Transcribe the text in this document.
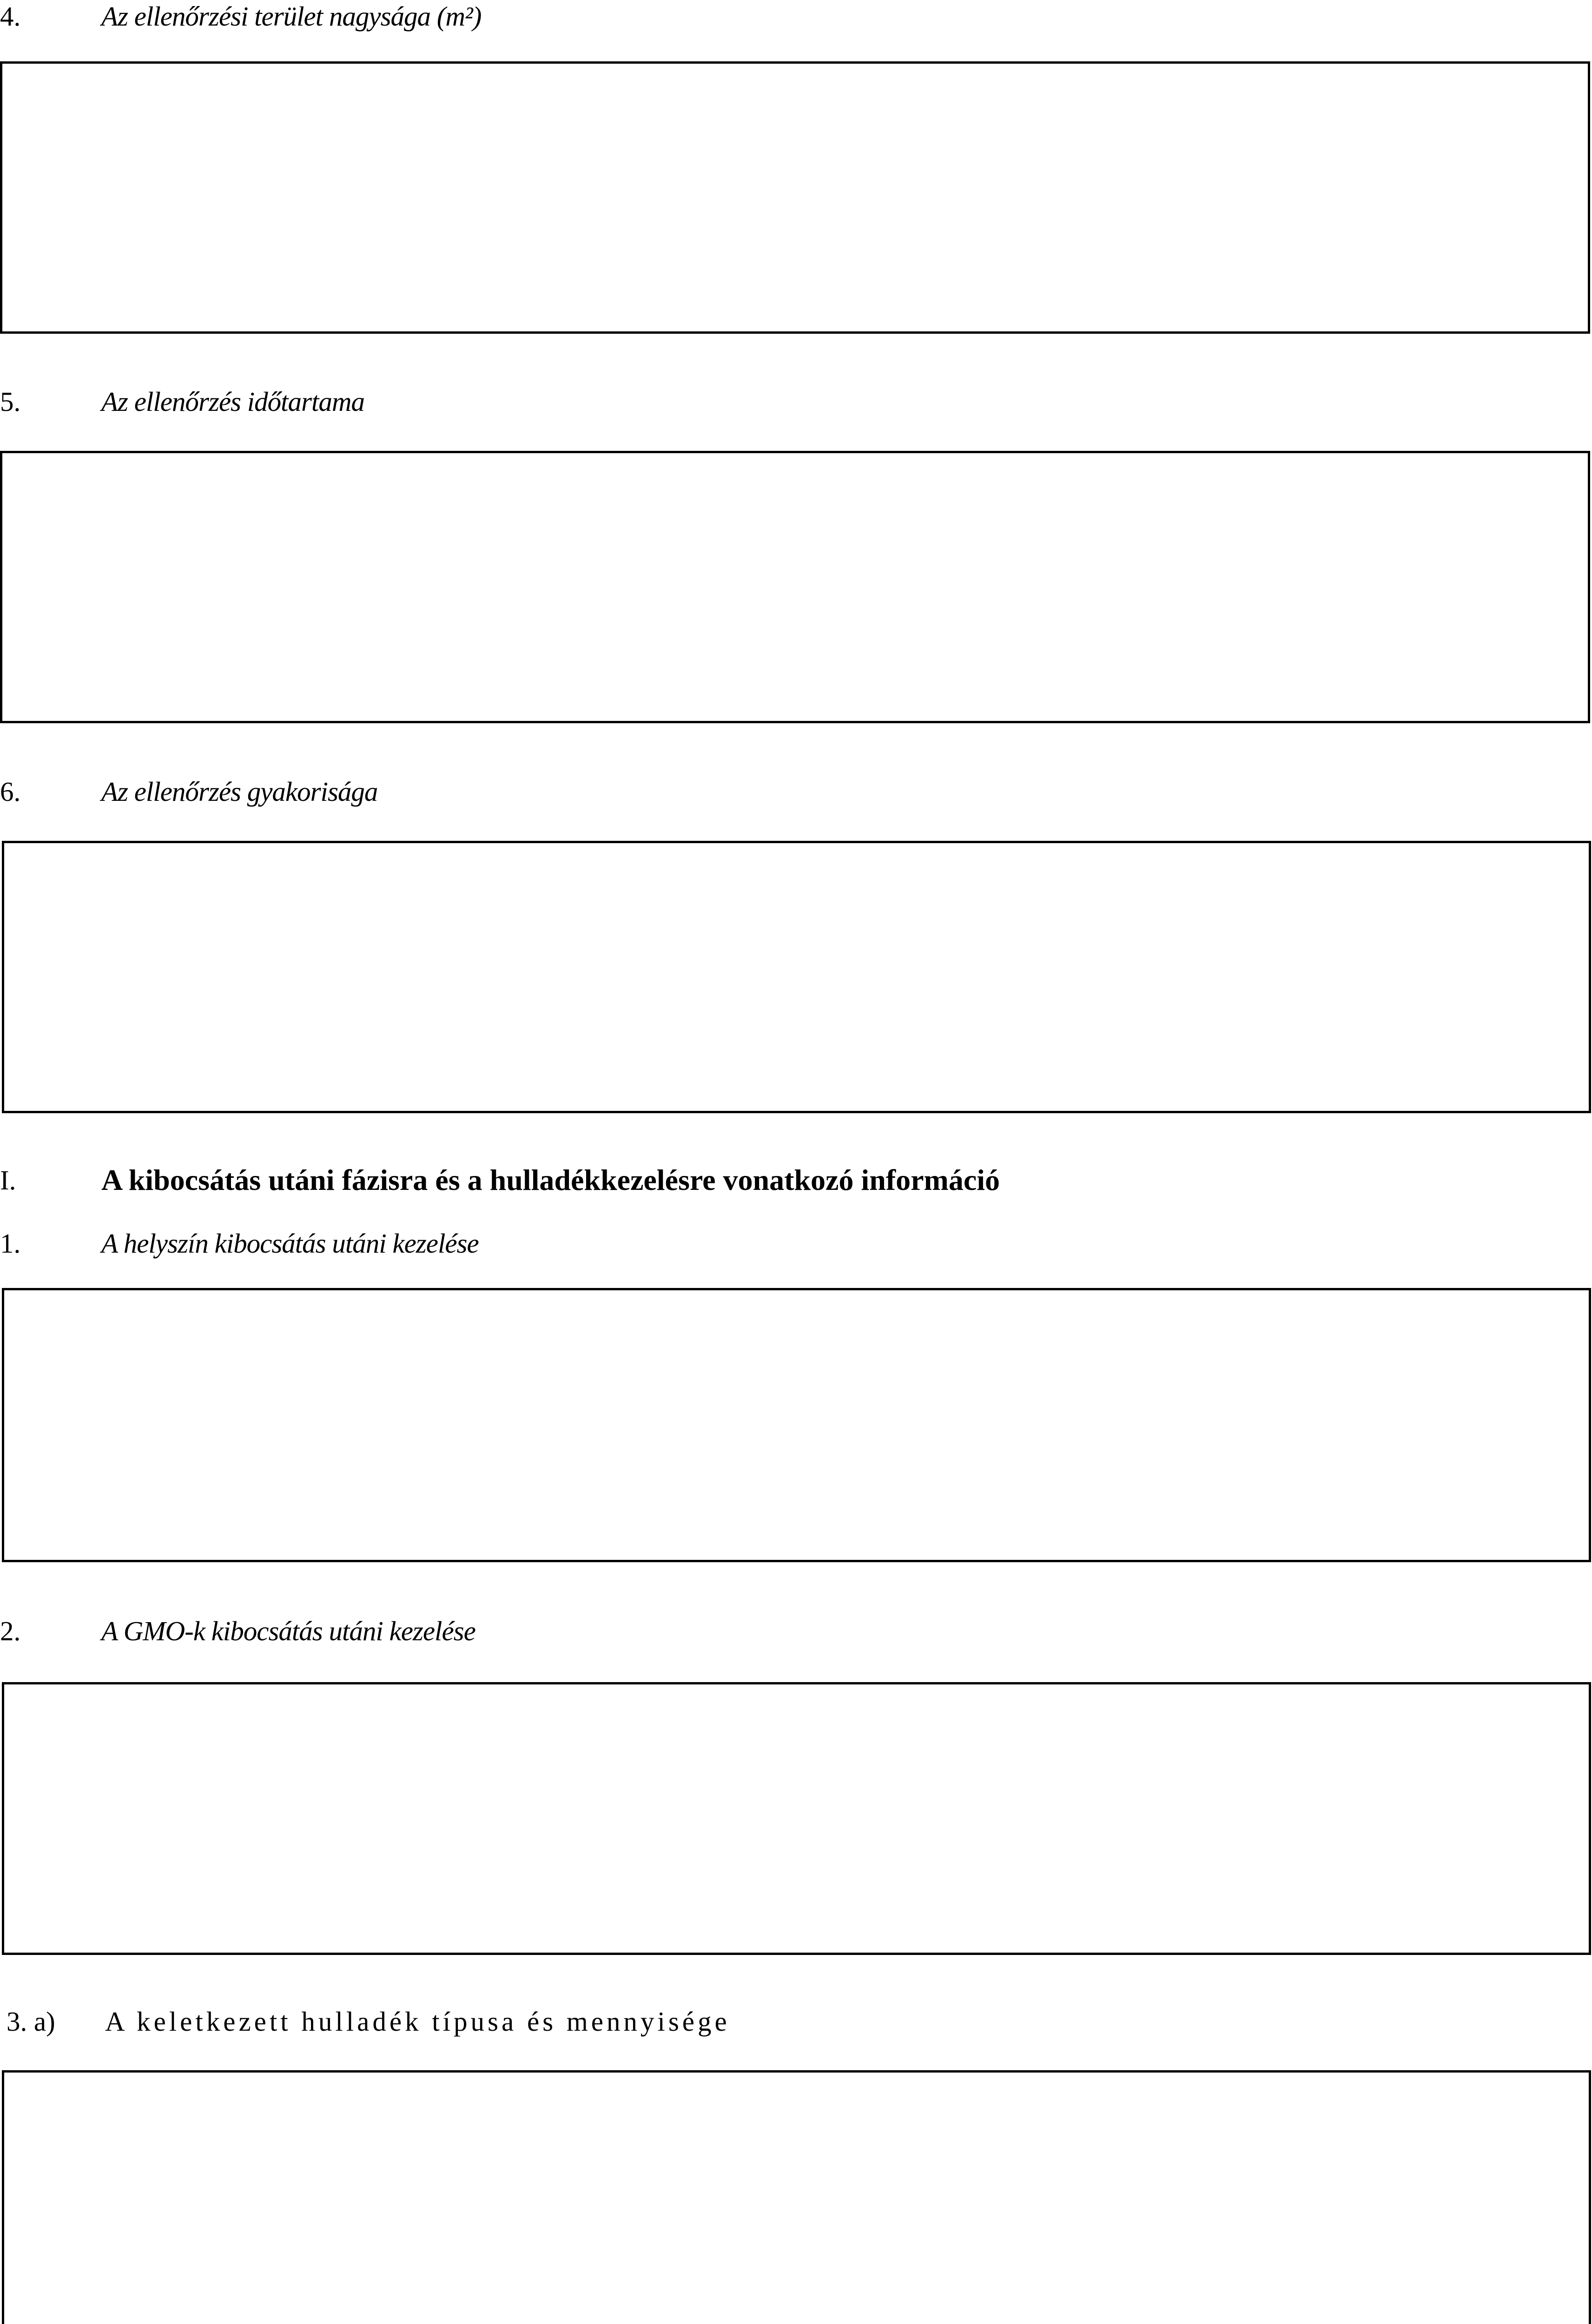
4.	Az ellenőrzési terület nagysága (m²)
5.	Az ellenőrzés időtartama
6.	Az ellenőrzés gyakorisága
I.	A kibocsátás utáni fázisra és a hulladékkezelésre vonatkozó információ
1.	A helyszín kibocsátás utáni kezelése
2.	A GMO-k kibocsátás utáni kezelése
3. a) A keletkezett hulladék típusa és mennyisége
